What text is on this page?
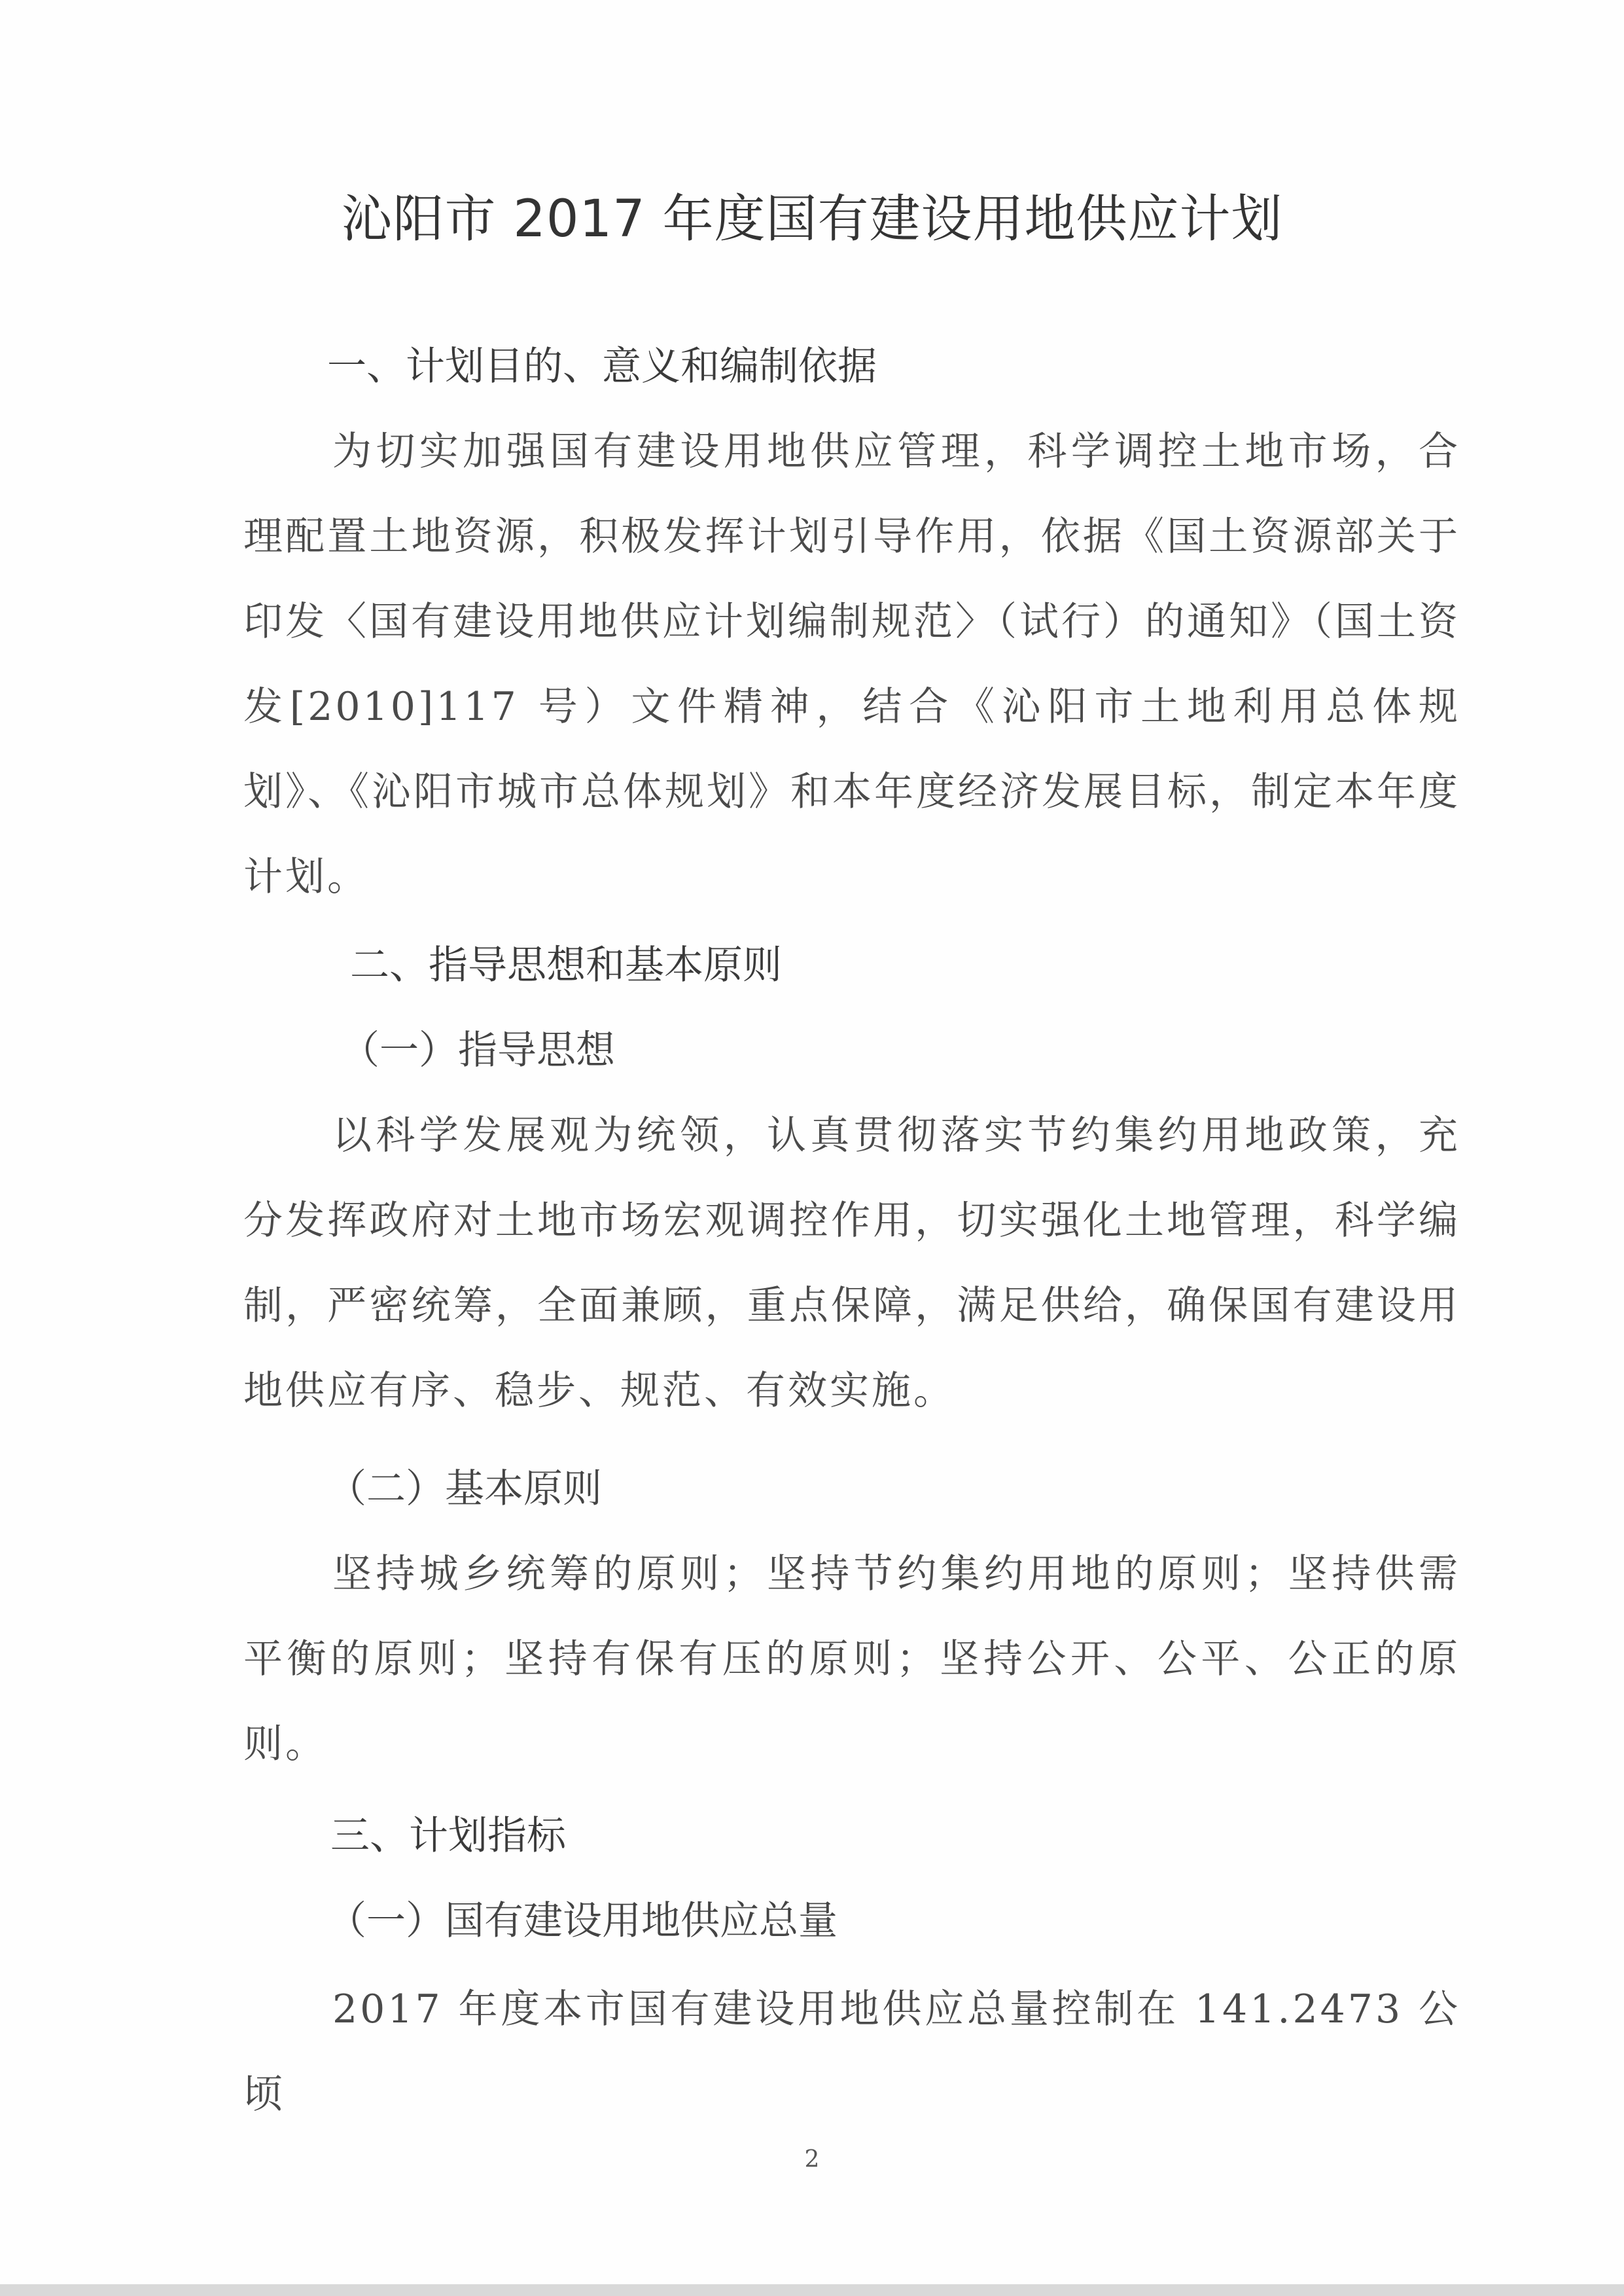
沁阳市 2017 年度国有建设用地供应计划
一、计划目的、意义和编制依据

为切实加强国有建设用地供应管理，科学调控土地市场，合理配置土地资源，积极发挥计划引导作用，依据《国土资源部关于印发〈国有建设用地供应计划编制规范〉（试行）的通知》（国土资发[2010]117 号）文件精神，结合《沁阳市土地利用总体规划》、《沁阳市城市总体规划》和本年度经济发展目标，制定本年度计划。

二、指导思想和基本原则
（一）指导思想

以科学发展观为统领，认真贯彻落实节约集约用地政策，充分发挥政府对土地市场宏观调控作用，切实强化土地管理，科学编制，严密统筹，全面兼顾，重点保障，满足供给，确保国有建设用地供应有序、稳步、规范、有效实施。

（二）基本原则

坚持城乡统筹的原则；坚持节约集约用地的原则；坚持供需平衡的原则；坚持有保有压的原则；坚持公开、公平、公正的原则。

三、计划指标
（一）国有建设用地供应总量

2017 年度本市国有建设用地供应总量控制在 141.2473 公顷

2
